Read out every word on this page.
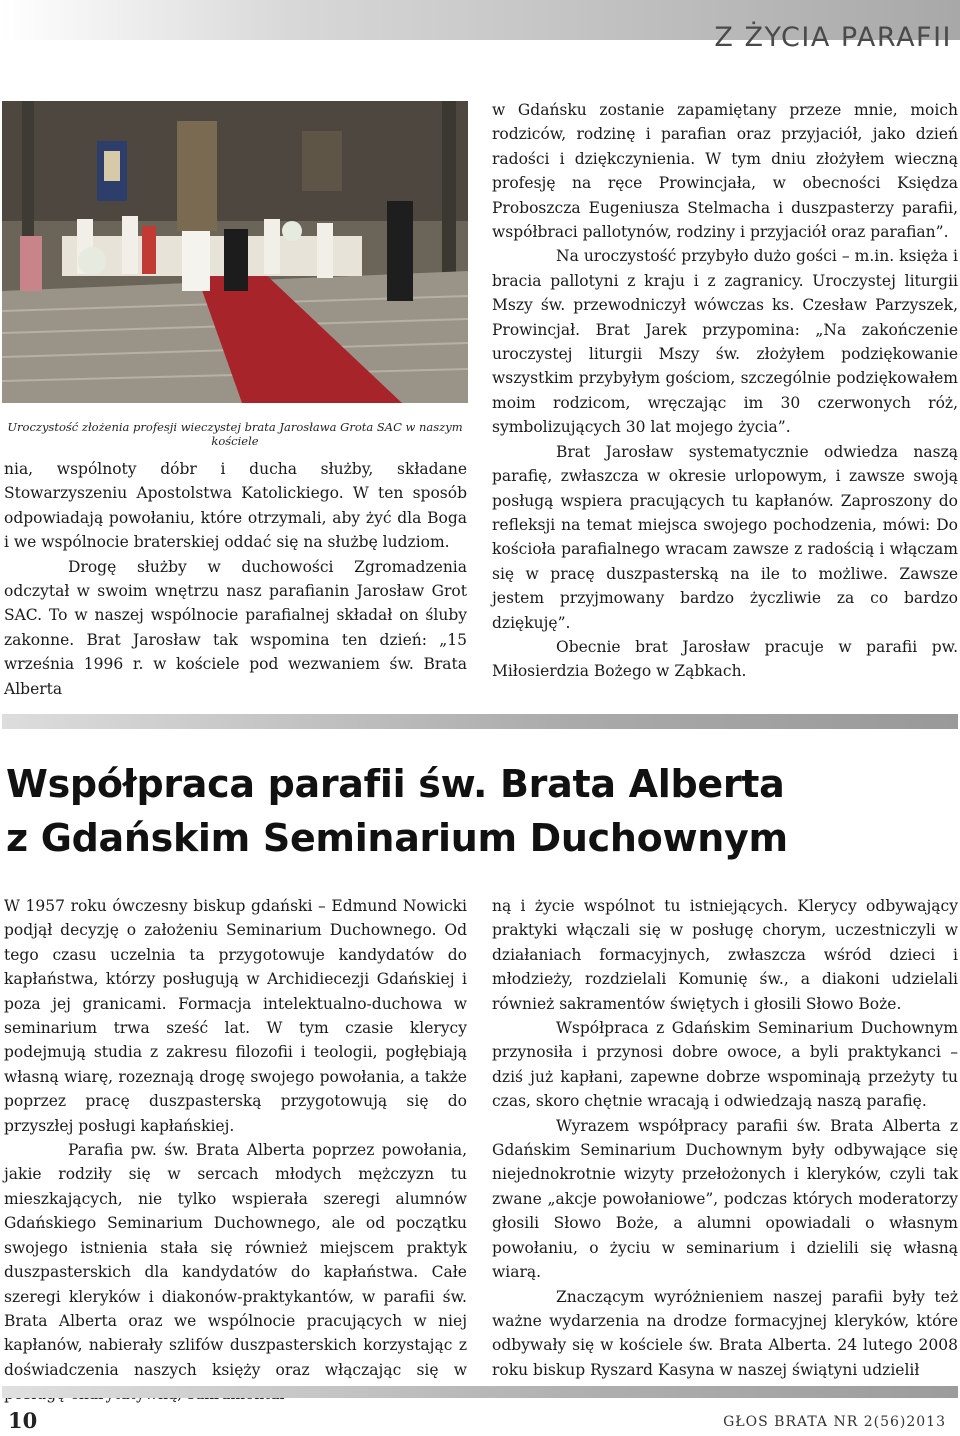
Z ŻYCIA PARAFII
Uroczystość złożenia profesji wieczystej brata Jarosława Grota SAC w naszym kościele

nia, wspólnoty dóbr i ducha służby, składane Stowarzyszeniu Apostolstwa Katolickiego. W ten sposób odpowiadają powołaniu, które otrzymali, aby żyć dla Boga i we wspólnocie braterskiej oddać się na służbę ludziom.

Drogę służby w duchowości Zgromadzenia odczytał w swoim wnętrzu nasz parafianin Jarosław Grot SAC. To w naszej wspólnocie parafialnej składał on śluby zakonne. Brat Jarosław tak wspomina ten dzień: „15 września 1996 r. w kościele pod wezwaniem św. Brata Alberta

w Gdańsku zostanie zapamiętany przeze mnie, moich rodziców, rodzinę i parafian oraz przyjaciół, jako dzień radości i dziękczynienia. W tym dniu złożyłem wieczną profesję na ręce Prowincjała, w obecności Księdza Proboszcza Eugeniusza Stelmacha i duszpasterzy parafii, współbraci pallotynów, rodziny i przyjaciół oraz parafian”.

Na uroczystość przybyło dużo gości – m.in. księża i bracia pallotyni z kraju i z zagranicy. Uroczystej liturgii Mszy św. przewodniczył wówczas ks. Czesław Parzyszek, Prowincjał. Brat Jarek przypomina: „Na zakończenie uroczystej liturgii Mszy św. złożyłem podziękowanie wszystkim przybyłym gościom, szczególnie podziękowałem moim rodzicom, wręczając im 30 czerwonych róż, symbolizujących 30 lat mojego życia”.

Brat Jarosław systematycznie odwiedza naszą parafię, zwłaszcza w okresie urlopowym, i zawsze swoją posługą wspiera pracujących tu kapłanów. Zaproszony do refleksji na temat miejsca swojego pochodzenia, mówi: Do kościoła parafialnego wracam zawsze z radością i włączam się w pracę duszpasterską na ile to możliwe. Zawsze jestem przyjmowany bardzo życzliwie za co bardzo dziękuję”.

Obecnie brat Jarosław pracuje w parafii pw. Miłosierdzia Bożego w Ząbkach.

Współpraca parafii św. Brata Alberta
z Gdańskim Seminarium Duchownym

W 1957 roku ówczesny biskup gdański – Edmund Nowicki podjął decyzję o założeniu Seminarium Duchownego. Od tego czasu uczelnia ta przygotowuje kandydatów do kapłaństwa, którzy posługują w Archidiecezji Gdańskiej i poza jej granicami. Formacja intelektualno-duchowa w seminarium trwa sześć lat. W tym czasie klerycy podejmują studia z zakresu filozofii i teologii, pogłębiają własną wiarę, rozeznają drogę swojego powołania, a także poprzez pracę duszpasterską przygotowują się do przyszłej posługi kapłańskiej.

Parafia pw. św. Brata Alberta poprzez powołania, jakie rodziły się w sercach młodych mężczyzn tu mieszkających, nie tylko wspierała szeregi alumnów Gdańskiego Seminarium Duchownego, ale od początku swojego istnienia stała się również miejscem praktyk duszpasterskich dla kandydatów do kapłaństwa. Całe szeregi kleryków i diakonów-praktykantów, w parafii św. Brata Alberta oraz we wspólnocie pracujących w niej kapłanów, nabierały szlifów duszpasterskich korzystając z doświadczenia naszych księży oraz włączając się w

ną i życie wspólnot tu istniejących. Klerycy odbywający praktyki włączali się w posługę chorym, uczestniczyli w działaniach formacyjnych, zwłaszcza wśród dzieci i młodzieży, rozdzielali Komunię św., a diakoni udzielali również sakramentów świętych i głosili Słowo Boże.

Współpraca z Gdańskim Seminarium Duchownym przynosiła i przynosi dobre owoce, a byli praktykanci – dziś już kapłani, zapewne dobrze wspominają przeżyty tu czas, skoro chętnie wracają i odwiedzają naszą parafię.

Wyrazem współpracy parafii św. Brata Alberta z Gdańskim Seminarium Duchownym były odbywające się niejednokrotnie wizyty przełożonych i kleryków, czyli tak zwane „akcje powołaniowe”, podczas których moderatorzy głosili Słowo Boże, a alumni opowiadali o własnym powołaniu, o życiu w seminarium i dzielili się własną wiarą.

Znaczącym wyróżnieniem naszej parafii były też ważne wydarzenia na drodze formacyjnej kleryków, które odbywały się w kościele św. Brata Alberta. 24 lutego 2008 roku biskup Ryszard Kasyna w naszej świątyni udzielił

10	GŁOS BRATA NR 2(56)2013
